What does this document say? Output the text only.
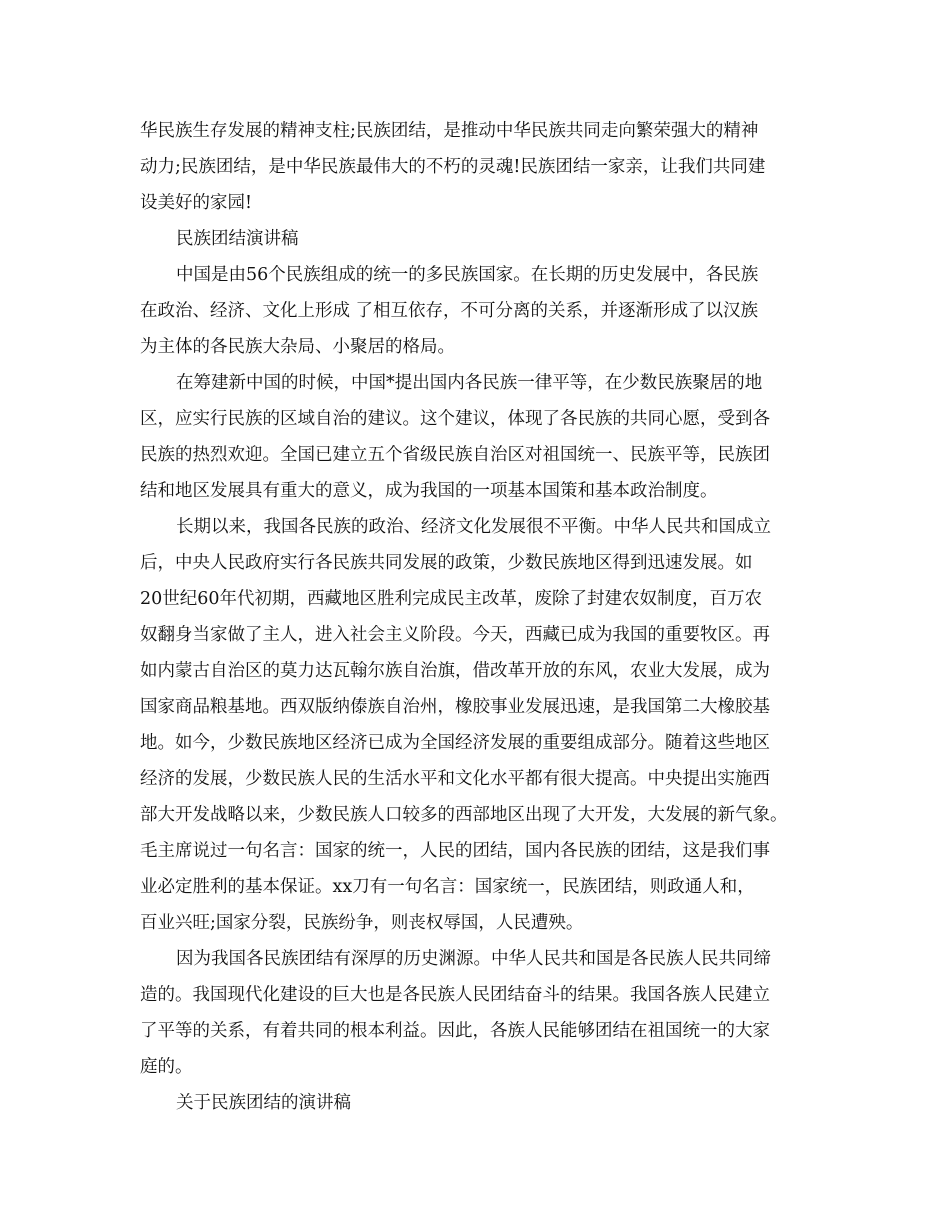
华民族生存发展的精神支柱;民族团结，是推动中华民族共同走向繁荣强大的精神

动力;民族团结，是中华民族最伟大的不朽的灵魂!民族团结一家亲，让我们共同建

设美好的家园!

民族团结演讲稿

中国是由56个民族组成的统一的多民族国家。在长期的历史发展中，各民族

在政治、经济、文化上形成 了相互依存，不可分离的关系，并逐渐形成了以汉族

为主体的各民族大杂局、小聚居的格局。

在筹建新中国的时候，中国*提出国内各民族一律平等，在少数民族聚居的地

区，应实行民族的区域自治的建议。这个建议，体现了各民族的共同心愿，受到各

民族的热烈欢迎。全国已建立五个省级民族自治区对祖国统一、民族平等，民族团

结和地区发展具有重大的意义，成为我国的一项基本国策和基本政治制度。

长期以来，我国各民族的政治、经济文化发展很不平衡。中华人民共和国成立

后，中央人民政府实行各民族共同发展的政策，少数民族地区得到迅速发展。如

20世纪60年代初期，西藏地区胜利完成民主改革，废除了封建农奴制度，百万农

奴翻身当家做了主人，进入社会主义阶段。今天，西藏已成为我国的重要牧区。再

如内蒙古自治区的莫力达瓦翰尔族自治旗，借改革开放的东风，农业大发展，成为

国家商品粮基地。西双版纳傣族自治州，橡胶事业发展迅速，是我国第二大橡胶基

地。如今，少数民族地区经济已成为全国经济发展的重要组成部分。随着这些地区

经济的发展，少数民族人民的生活水平和文化水平都有很大提高。中央提出实施西

部大开发战略以来，少数民族人口较多的西部地区出现了大开发，大发展的新气象。

毛主席说过一句名言：国家的统一，人民的团结，国内各民族的团结，这是我们事

业必定胜利的基本保证。xx刀有一句名言：国家统一，民族团结，则政通人和，

百业兴旺;国家分裂，民族纷争，则丧权辱国，人民遭殃。

因为我国各民族团结有深厚的历史渊源。中华人民共和国是各民族人民共同缔

造的。我国现代化建设的巨大也是各民族人民团结奋斗的结果。我国各族人民建立

了平等的关系，有着共同的根本利益。因此，各族人民能够团结在祖国统一的大家

庭的。

关于民族团结的演讲稿
